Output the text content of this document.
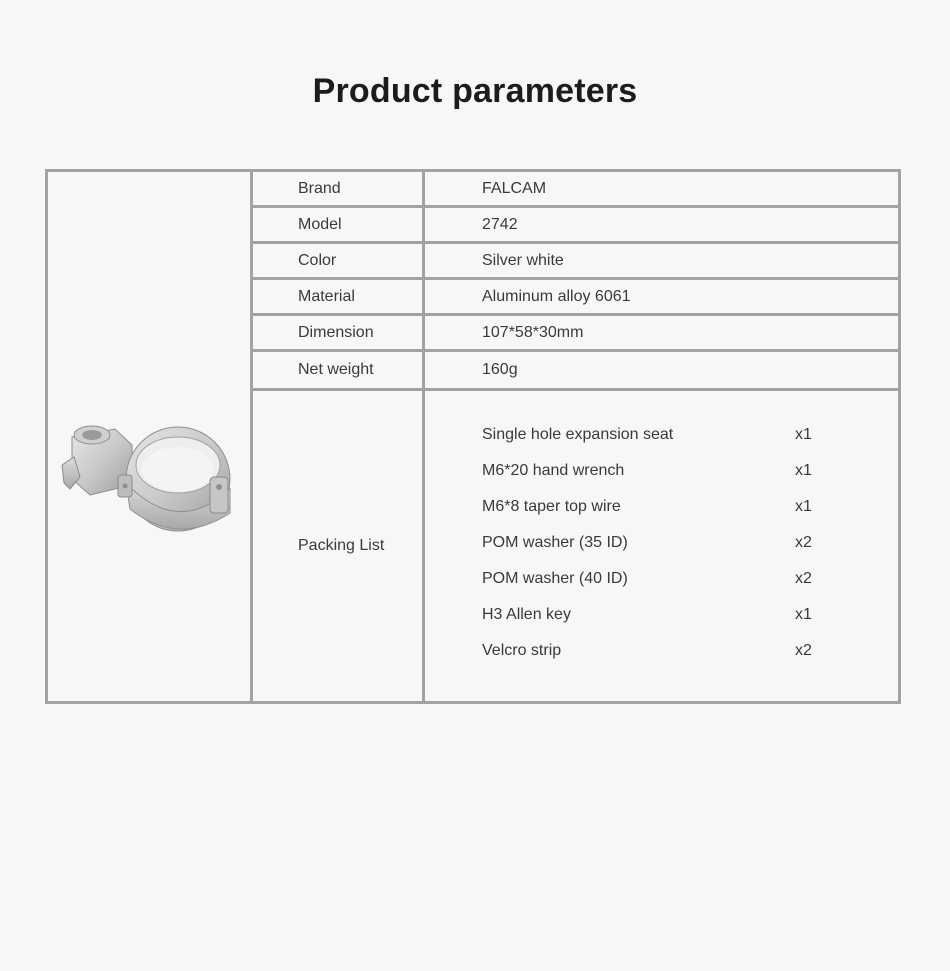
Product parameters
Brand	FALCAM
Model	2742
Color	Silver white
Material	Aluminum alloy 6061
Dimension	107*58*30mm
Net weight	160g
Packing List
Single hole expansion seat	x1
M6*20 hand wrench	x1
M6*8 taper top wire	x1
POM washer (35 ID)	x2
POM washer (40 ID)	x2
H3 Allen key	x1
Velcro strip	x2
